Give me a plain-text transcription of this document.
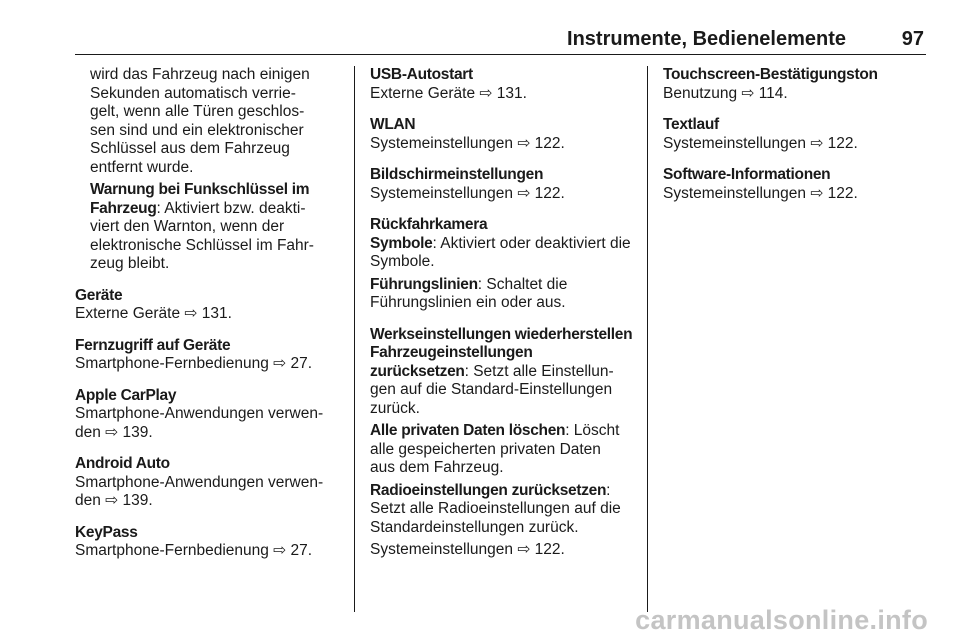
Instrumente, Bedienelemente	97
wird das Fahrzeug nach einigen
Sekunden automatisch verrie-
gelt, wenn alle Türen geschlos-
sen sind und ein elektronischer
Schlüssel aus dem Fahrzeug
entfernt wurde.
Warnung bei Funkschlüssel im
Fahrzeug: Aktiviert bzw. deakti-
viert den Warnton, wenn der
elektronische Schlüssel im Fahr-
zeug bleibt.
Geräte
Externe Geräte ⇨ 131.
Fernzugriff auf Geräte
Smartphone-Fernbedienung ⇨ 27.
Apple CarPlay
Smartphone-Anwendungen verwen-
den ⇨ 139.
Android Auto
Smartphone-Anwendungen verwen-
den ⇨ 139.
KeyPass
Smartphone-Fernbedienung ⇨ 27.
USB-Autostart
Externe Geräte ⇨ 131.
WLAN
Systemeinstellungen ⇨ 122.
Bildschirmeinstellungen
Systemeinstellungen ⇨ 122.
Rückfahrkamera
Symbole: Aktiviert oder deaktiviert die
Symbole.
Führungslinien: Schaltet die
Führungslinien ein oder aus.
Werkseinstellungen wiederherstellen
Fahrzeugeinstellungen
zurücksetzen: Setzt alle Einstellun-
gen auf die Standard-Einstellungen
zurück.
Alle privaten Daten löschen: Löscht
alle gespeicherten privaten Daten
aus dem Fahrzeug.
Radioeinstellungen zurücksetzen:
Setzt alle Radioeinstellungen auf die
Standardeinstellungen zurück.
Systemeinstellungen ⇨ 122.
Touchscreen-Bestätigungston
Benutzung ⇨ 114.
Textlauf
Systemeinstellungen ⇨ 122.
Software-Informationen
Systemeinstellungen ⇨ 122.
carmanualsonline.info
